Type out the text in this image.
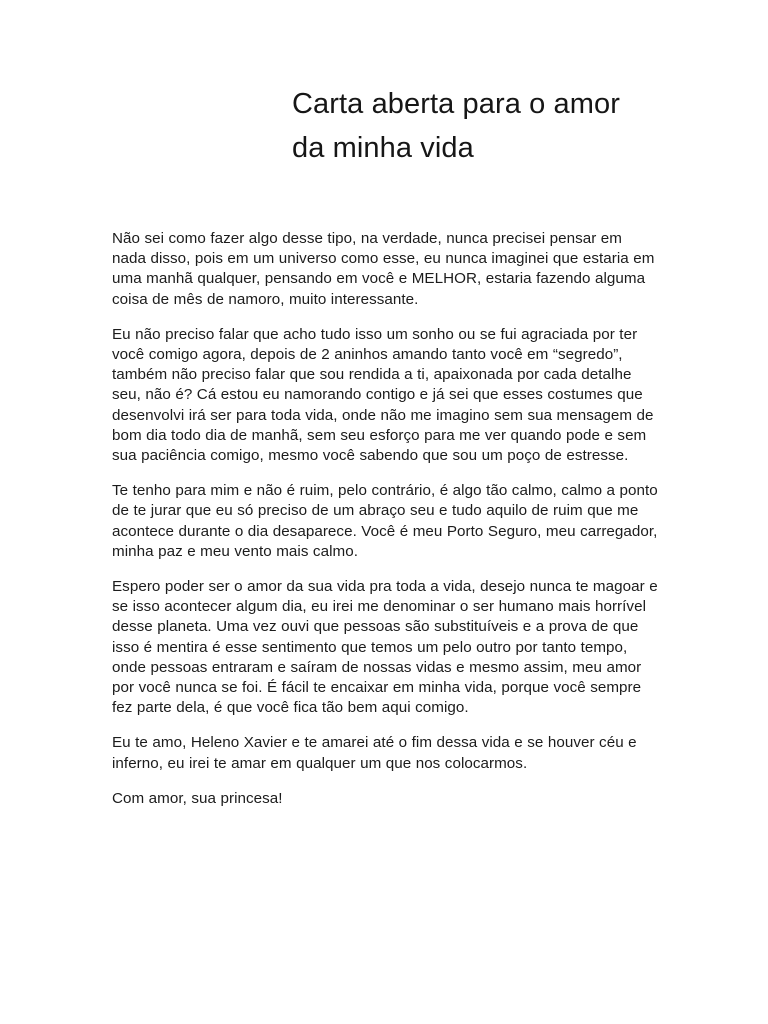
Carta aberta para o amor da minha vida

Não sei como fazer algo desse tipo, na verdade, nunca precisei pensar em nada disso, pois em um universo como esse, eu nunca imaginei que estaria em uma manhã qualquer, pensando em você e MELHOR, estaria fazendo alguma coisa de mês de namoro, muito interessante.

Eu não preciso falar que acho tudo isso um sonho ou se fui agraciada por ter você comigo agora, depois de 2 aninhos amando tanto você em “segredo”, também não preciso falar que sou rendida a ti, apaixonada por cada detalhe seu, não é? Cá estou eu namorando contigo e já sei que esses costumes que desenvolvi irá ser para toda vida, onde não me imagino sem sua mensagem de bom dia todo dia de manhã, sem seu esforço para me ver quando pode e sem sua paciência comigo, mesmo você sabendo que sou um poço de estresse.

Te tenho para mim e não é ruim, pelo contrário, é algo tão calmo, calmo a ponto de te jurar que eu só preciso de um abraço seu e tudo aquilo de ruim que me acontece durante o dia desaparece. Você é meu Porto Seguro, meu carregador, minha paz e meu vento mais calmo.

Espero poder ser o amor da sua vida pra toda a vida, desejo nunca te magoar e se isso acontecer algum dia, eu irei me denominar o ser humano mais horrível desse planeta. Uma vez ouvi que pessoas são substituíveis e a prova de que isso é mentira é esse sentimento que temos um pelo outro por tanto tempo, onde pessoas entraram e saíram de nossas vidas e mesmo assim, meu amor por você nunca se foi. É fácil te encaixar em minha vida, porque você sempre fez parte dela, é que você fica tão bem aqui comigo.

Eu te amo, Heleno Xavier e te amarei até o fim dessa vida e se houver céu e inferno, eu irei te amar em qualquer um que nos colocarmos.

Com amor, sua princesa!
